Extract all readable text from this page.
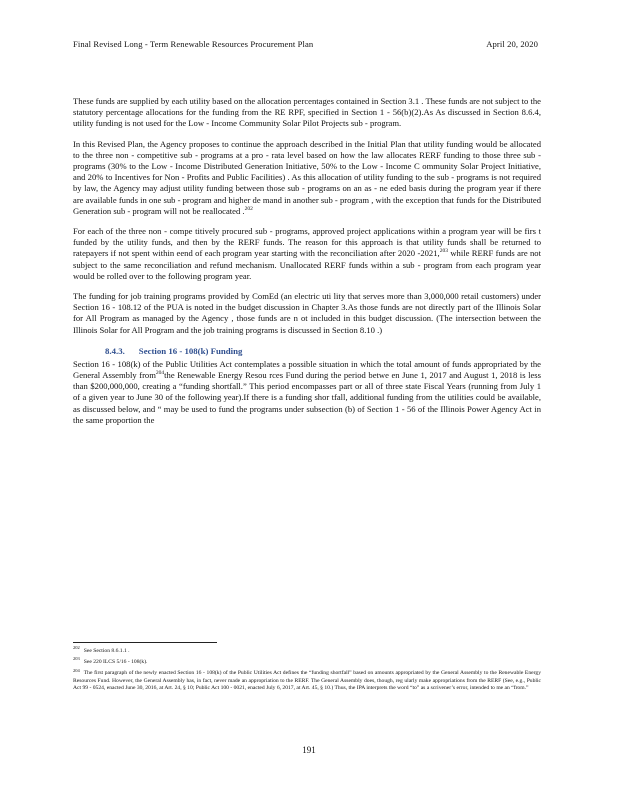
Final Revised Long - Term Renewable Resources Procurement Plan	April 20, 2020

These funds are supplied by each utility based on the allocation percentages contained in Section 3.1 . These funds are not subject to the statutory percentage allocations for the funding from the RE RPF, specified in Section 1 - 56(b)(2).As As discussed in Section 8.6.4, utility funding is not used for the Low - Income Community Solar Pilot Projects sub - program.

In this Revised Plan, the Agency proposes to continue the approach described in the Initial Plan that utility funding would be allocated to the three non - competitive sub - programs at a pro - rata level based on how the law allocates RERF funding to those three sub - programs (30% to the Low - Income Distributed Generation Initiative, 50% to the Low - Income C ommunity Solar Project Initiative, and 20% to Incentives for Non - Profits and Public Facilities) . As this allocation of utility funding to the sub - programs is not required by law, the Agency may adjust utility funding between those sub - programs on an as - ne eded basis during the program year if there are available funds in one sub - program and higher de mand in another sub - program , with the exception that funds for the Distributed Generation sub - program will not be reallocated .$^{202}$

For each of the three non - compe titively procured sub - programs, approved project applications within a program year will be firs t funded by the utility funds, and then by the RERF funds. The reason for this approach is that utility funds shall be returned to ratepayers if not spent within eend of each program year starting with the reconciliation after 2020 -2021,$^{203}$ while RERF funds are not subject to the same reconciliation and refund mechanism. Unallocated RERF funds within a sub - program from each program year would be rolled over to the following program year.

The funding for job training programs provided by ComEd (an electric uti lity that serves more than 3,000,000 retail customers) under Section 16 - 108.12 of the PUA is noted in the budget discussion in Chapter 3.As those funds are not directly part of the Illinois Solar for All Program as managed by the Agency , those funds are n ot included in this budget discussion. (The intersection between the Illinois Solar for All Program and the job training programs is discussed in Section 8.10 .)

8.4.3. Section 16 - 108(k) Funding

Section 16 - 108(k) of the Public Utilities Act contemplates a possible situation in which the total amount of funds appropriated by the General Assembly from$^{204}$the Renewable Energy Resou rces Fund during the period betwe en June 1, 2017 and August 1, 2018 is less than $200,000,000, creating a “funding shortfall.” This period encompasses part or all of three state Fiscal Years (running from July 1 of a given year to June 30 of the following year).If there is a funding shor tfall, additional funding from the utilities could be available, as discussed below, and “ may be used to fund the programs under subsection (b) of Section 1 - 56 of the Illinois Power Agency Act in the same proportion the

$^{202}$See Section 8.6.1.1 .

$^{203}$See 220 ILCS 5/16 - 108(k).

$^{204}$The first paragraph of the newly enacted Section 16 - 108(k) of the Public Utilities Act defines the “funding shortfall” based on amounts appropriated by the General Assembly to the Renewable Energy Resources Fund. However, the General Assembly has, in fact, never made an appropriation to the RERF. The General Assembly does, though, reg ularly make appropriations from the RERF (See, e.g., Public Act 99 - 0524, enacted June 30, 2016, at Art. 24, § 10; Public Act 100 - 0021, enacted July 6, 2017, at Art. 45, § 10.) Thus, the IPA interprets the word “to” as a scrivener’s error, intended to me an “from.”

191
